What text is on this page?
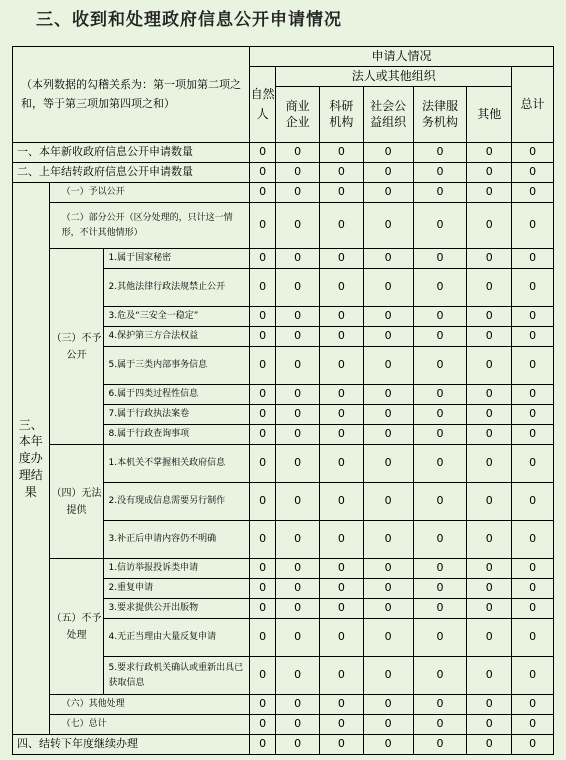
三、收到和处理政府信息公开申请情况
（本列数据的勾稽关系为：第一项加第二项之和，等于第三项加第四项之和）			申请人情况						
			自然人	法人或其他组织					总计
				商业企业	科研机构	社会公益组织	法律服务机构	其他	
一、本年新收政府信息公开申请数量			0	0	0	0	0	0	0
二、上年结转政府信息公开申请数量			0	0	0	0	0	0	0
三、本年度办理结果	（一）予以公开		0	0	0	0	0	0	0
	（二）部分公开（区分处理的，只计这一情形，不计其他情形）		0	0	0	0	0	0	0
	（三）不予公开	1.属于国家秘密	0	0	0	0	0	0	0
		2.其他法律行政法规禁止公开	0	0	0	0	0	0	0
		3.危及“三安全一稳定”	0	0	0	0	0	0	0
		4.保护第三方合法权益	0	0	0	0	0	0	0
		5.属于三类内部事务信息	0	0	0	0	0	0	0
		6.属于四类过程性信息	0	0	0	0	0	0	0
		7.属于行政执法案卷	0	0	0	0	0	0	0
		8.属于行政查询事项	0	0	0	0	0	0	0
	（四）无法提供	1.本机关不掌握相关政府信息	0	0	0	0	0	0	0
		2.没有现成信息需要另行制作	0	0	0	0	0	0	0
		3.补正后申请内容仍不明确	0	0	0	0	0	0	0
	（五）不予处理	1.信访举报投诉类申请	0	0	0	0	0	0	0
		2.重复申请	0	0	0	0	0	0	0
		3.要求提供公开出版物	0	0	0	0	0	0	0
		4.无正当理由大量反复申请	0	0	0	0	0	0	0
		5.要求行政机关确认或重新出具已获取信息	0	0	0	0	0	0	0
	（六）其他处理		0	0	0	0	0	0	0
	（七）总计		0	0	0	0	0	0	0
四、结转下年度继续办理			0	0	0	0	0	0	0
